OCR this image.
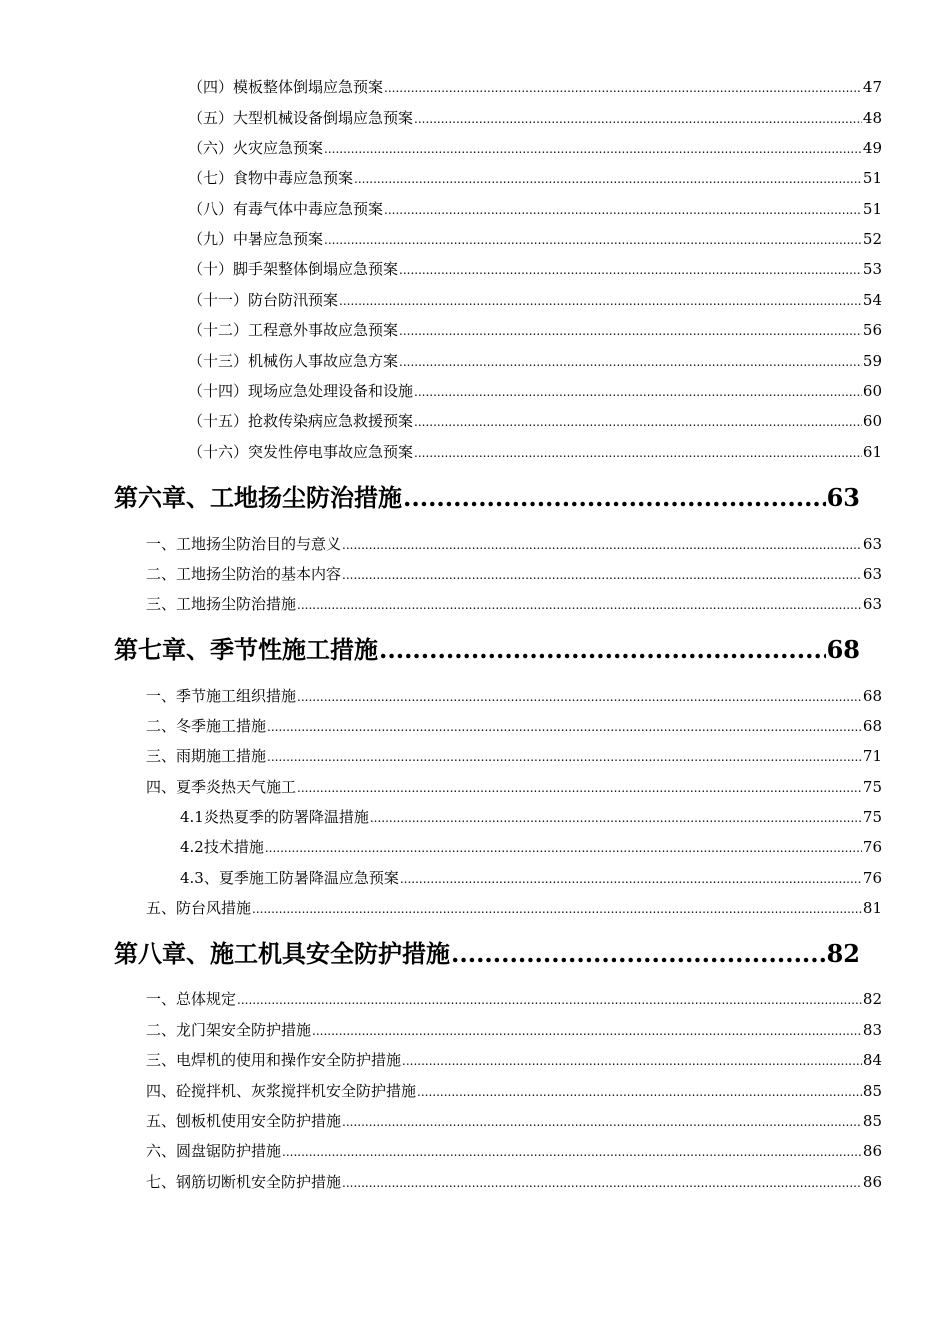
（四）模板整体倒塌应急预案 .....	47
（五）大型机械设备倒塌应急预案 .....	48
（六）火灾应急预案 .....	49
（七）食物中毒应急预案 .....	51
（八）有毒气体中毒应急预案 .....	51
（九）中暑应急预案 .....	52
（十）脚手架整体倒塌应急预案 .....	53
（十一）防台防汛预案 .....	54
（十二）工程意外事故应急预案 .....	56
（十三）机械伤人事故应急方案 .....	59
（十四）现场应急处理设备和设施 .....	60
（十五）抢救传染病应急救援预案 .....	60
（十六）突发性停电事故应急预案 .....	61
第六章、工地扬尘防治措施 .....	63
一、工地扬尘防治目的与意义 .....	63
二、工地扬尘防治的基本内容 .....	63
三、工地扬尘防治措施 .....	63
第七章、季节性施工措施 .....	68
一、季节施工组织措施 .....	68
二、冬季施工措施 .....	68
三、雨期施工措施 .....	71
四、夏季炎热天气施工 .....	75
4.1炎热夏季的防署降温措施 .....	75
4.2技术措施 .....	76
4.3、夏季施工防暑降温应急预案 .....	76
五、防台风措施 .....	81
第八章、施工机具安全防护措施 .....	82
一、总体规定 .....	82
二、龙门架安全防护措施 .....	83
三、电焊机的使用和操作安全防护措施 .....	84
四、砼搅拌机、灰浆搅拌机安全防护措施 .....	85
五、刨板机使用安全防护措施 .....	85
六、圆盘锯防护措施 .....	86
七、钢筋切断机安全防护措施 .....	86
